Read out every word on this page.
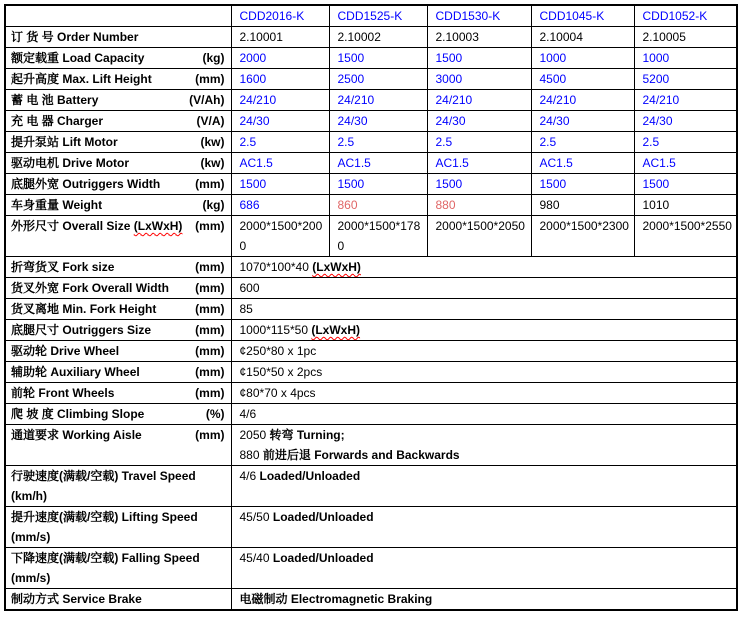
	CDD2016-K	CDD1525-K	CDD1530-K	CDD1045-K	CDD1052-K

订 货 号 Order Number	2.10001	2.10002	2.10003	2.10004	2.10005

额定载重 Load Capacity (kg)	2000	1500	1500	1000	1000

起升高度 Max. Lift Height (mm)	1600	2500	3000	4500	5200

蓄 电 池 Battery (V/Ah)	24/210	24/210	24/210	24/210	24/210

充 电 器 Charger (V/A)	24/30	24/30	24/30	24/30	24/30

提升泵站 Lift Motor (kw)	2.5	2.5	2.5	2.5	2.5

驱动电机 Drive Motor (kw)	AC1.5	AC1.5	AC1.5	AC1.5	AC1.5

底腿外宽 Outriggers Width (mm)	1500	1500	1500	1500	1500

车身重量 Weight (kg)	686	860	880	980	1010

外形尺寸 Overall Size (LxWxH) (mm)	2000*1500*2000	2000*1500*1780	2000*1500*2050	2000*1500*2300	2000*1500*2550

折弯货叉 Fork size (mm)	1070*100*40 (LxWxH)				

货叉外宽 Fork Overall Width (mm)	600				

货叉离地 Min. Fork Height (mm)	85				

底腿尺寸 Outriggers Size (mm)	1000*115*50 (LxWxH)				

驱动轮 Drive Wheel (mm)	¢250*80 x 1pc				

辅助轮 Auxiliary Wheel (mm)	¢150*50 x 2pcs				

前轮 Front Wheels (mm)	¢80*70 x 4pcs				

爬 坡 度 Climbing Slope (%)	4/6				

通道要求 Working Aisle (mm)	2050 转弯 Turning;
880 前进后退 Forwards and Backwards				

行驶速度(满载/空载) Travel Speed
(km/h)	4/6 Loaded/Unloaded				

提升速度(满载/空载) Lifting Speed
(mm/s)	45/50 Loaded/Unloaded				

下降速度(满载/空载) Falling Speed
(mm/s)	45/40 Loaded/Unloaded				

制动方式 Service Brake	电磁制动 Electromagnetic Braking				
